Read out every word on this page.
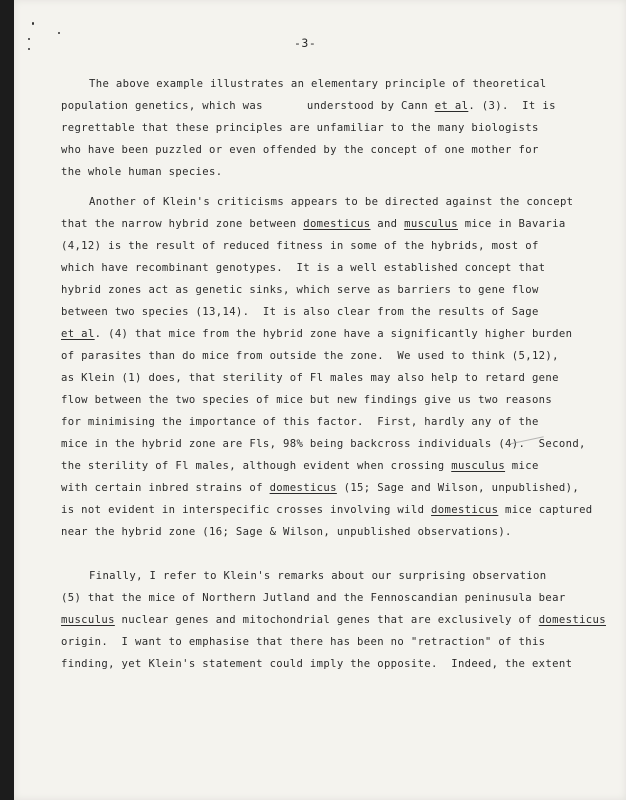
-3-
The above example illustrates an elementary principle of theoretical
population genetics, which was	understood by Cann et al. (3).  It is
regrettable that these principles are unfamiliar to the many biologists
who have been puzzled or even offended by the concept of one mother for
the whole human species.
Another of Klein's criticisms appears to be directed against the concept
that the narrow hybrid zone between domesticus and musculus mice in Bavaria
(4,12) is the result of reduced fitness in some of the hybrids, most of
which have recombinant genotypes.  It is a well established concept that
hybrid zones act as genetic sinks, which serve as barriers to gene flow
between two species (13,14).  It is also clear from the results of Sage
et al. (4) that mice from the hybrid zone have a significantly higher burden
of parasites than do mice from outside the zone.  We used to think (5,12),
as Klein (1) does, that sterility of Fl males may also help to retard gene
flow between the two species of mice but new findings give us two reasons
for minimising the importance of this factor.  First, hardly any of the
mice in the hybrid zone are Fls, 98% being backcross individuals (4).  Second,
the sterility of Fl males, although evident when crossing musculus mice
with certain inbred strains of domesticus (15; Sage and Wilson, unpublished),
is not evident in interspecific crosses involving wild domesticus mice captured
near the hybrid zone (16; Sage & Wilson, unpublished observations).
Finally, I refer to Klein's remarks about our surprising observation
(5) that the mice of Northern Jutland and the Fennoscandian peninusula bear
musculus nuclear genes and mitochondrial genes that are exclusively of domesticus
origin.  I want to emphasise that there has been no "retraction" of this
finding, yet Klein's statement could imply the opposite.  Indeed, the extent
